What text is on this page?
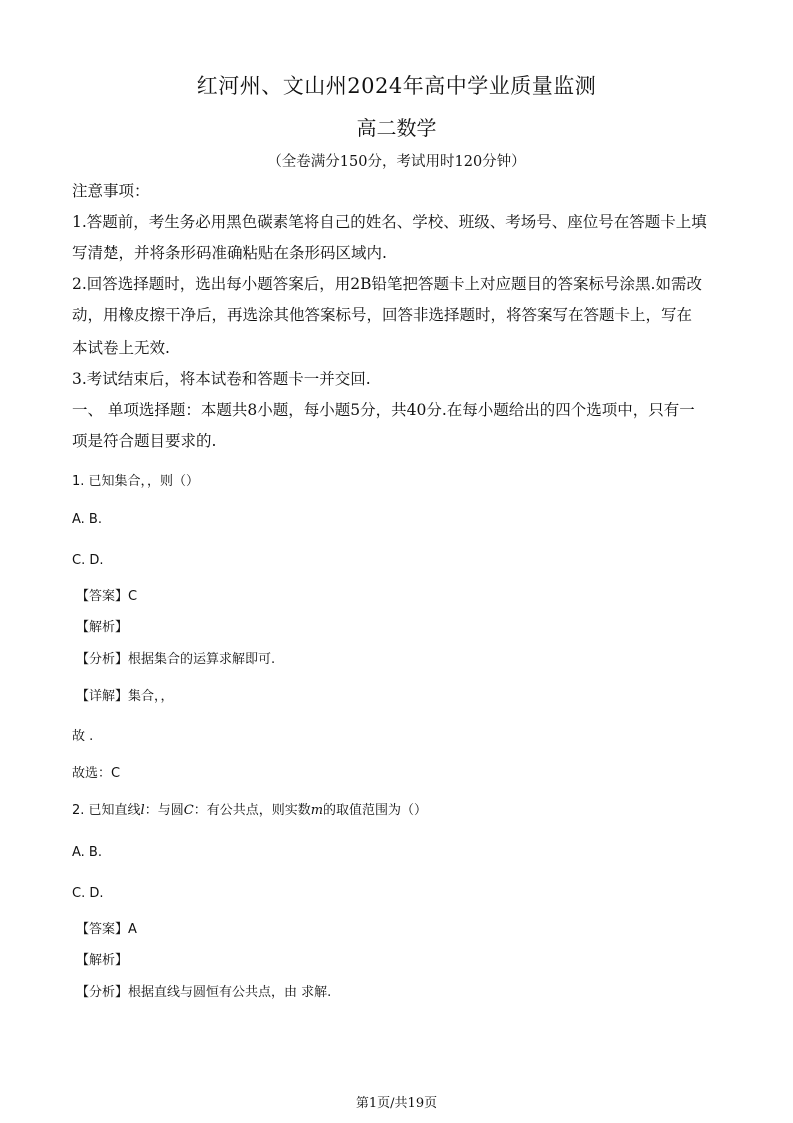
红河州、文山州2024年高中学业质量监测
高二数学
（全卷满分150分，考试用时120分钟）
注意事项：
1.答题前，考生务必用黑色碳素笔将自己的姓名、学校、班级、考场号、座位号在答题卡上填
写清楚，并将条形码准确粘贴在条形码区域内.
2.回答选择题时，选出每小题答案后，用2B铅笔把答题卡上对应题目的答案标号涂黑.如需改
动，用橡皮擦干净后，再选涂其他答案标号，回答非选择题时，将答案写在答题卡上，写在
本试卷上无效.
3.考试结束后，将本试卷和答题卡一并交回.
一、 单项选择题：本题共8小题，每小题5分，共40分.在每小题给出的四个选项中，只有一
项是符合题目要求的.
1. 已知集合，，则（）
A. B.
C. D.
【答案】C
【解析】
【分析】根据集合的运算求解即可.
【详解】集合，，
故 .
故选：C
2. 已知直线l：与圆C：有公共点，则实数m的取值范围为（）
A. B.
C. D.
【答案】A
【解析】
【分析】根据直线与圆恒有公共点，由 求解.
第1页/共19页
